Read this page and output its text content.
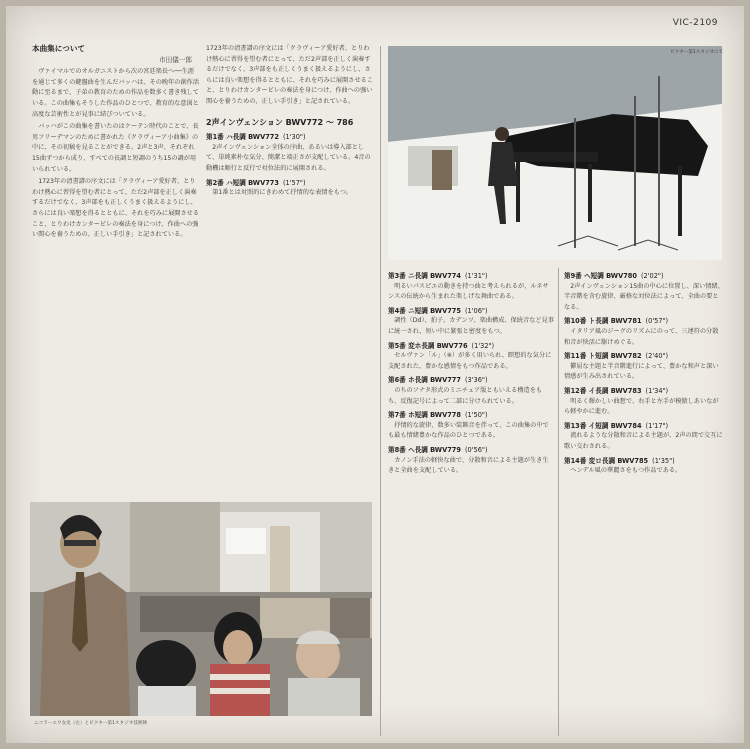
VIC-2109
本曲集について
市田儀一郎

ヴァイマルでのオルガニストから次の宮廷楽長へ──生涯を通じて多くの鍵盤曲を生んだバッハは、その晩年の創作活動に至るまで、子弟の教育のための作品を数多く書き残している。この曲集もそうした作品のひとつで、教育的な意図と高度な芸術性とが見事に結びついている。

バッハがこの曲集を書いたのはケーテン時代のことで、長男フリーデマンのために書かれた《クラヴィーア小曲集》の中に、その初稿を見ることができる。2声と3声、それぞれ15曲ずつから成り、すべての長調と短調のうち15の調が用いられている。

1723年の清書譜の序文には「クラヴィーア愛好者、とりわけ熱心に習得を望む者にとって、ただ2声部を正しく演奏するだけでなく、3声部をも正しくうまく扱えるようにし、さらには良い楽想を得るとともに、それを巧みに展開させること、とりわけカンタービレの奏法を身につけ、作曲への強い関心を養うための、正しい手引き」と記されている。

1723年の清書譜の序文には「クラヴィーア愛好者、とりわけ熱心に習得を望む者にとって、ただ2声部を正しく演奏するだけでなく、3声部をも正しくうまく扱えるようにし、さらには良い楽想を得るとともに、それを巧みに展開させること、とりわけカンタービレの奏法を身につけ、作曲への強い関心を養うための、正しい手引き」と記されている。

2声インヴェンション BWV772 ～ 786
第1番 ハ長調 BWV772 (1'30")

2声インヴェンション全体の序曲、あるいは導入部として、単純素朴な気分、簡潔と端正さが支配している。4音の動機は順行と反行で対位法的に展開される。

第2番 ハ短調 BWV773 (1'57")

第1番とは対照的にきわめて抒情的な表情をもつ。

ビクター第1スタジオにて
第3番 ニ長調 BWV774 (1'31")

明るいパスピエの動きを持つ曲と考えられるが、ルネサンスの伝統から生まれた楽しげな舞曲である。

第4番 ニ短調 BWV775 (1'06")

調性（Dd）、拍子、カデンツ、楽曲構成、保続音など見事に統一され、短い中に緊張と密度をもつ。

第5番 変ホ長調 BWV776 (1'32")

セルヴァン「ル」（※）が多く用いられ、瞑想的な気分に支配された、豊かな感情をもつ作品である。

第6番 ホ長調 BWV777 (3'36")

のちのソナタ形式のミニチュア版ともいえる構造をもち、反復記号によって二部に分けられている。

第7番 ホ短調 BWV778 (1'50")

抒情的な旋律、数多い装飾音を伴って、この曲集の中でも最も情緒豊かな作品のひとつである。

第8番 ヘ長調 BWV779 (0'56")

カノン手法の軽快な曲で、分散和音による主題が生き生きと全曲を支配している。

第9番 ヘ短調 BWV780 (2'02")

2声インヴェンション15曲の中心に位置し、深い情緒、半音階を含む旋律、厳格な対位法によって、全曲の要となる。

第10番 ト長調 BWV781 (0'57")

イタリア風のジーグのリズムにのって、三連符の分散和音が快活に駆けめぐる。

第11番 ト短調 BWV782 (2'40")

鬱屈な主題と半音階進行によって、豊かな和声と深い情感が生み出されている。

第12番 イ長調 BWV783 (1'34")

明るく輝かしい曲想で、右手と左手が模倣しあいながら軽やかに進む。

第13番 イ短調 BWV784 (1'17")

流れるような分散和音による主題が、2声の間で交互に歌い交わされる。

第14番 変ロ長調 BWV785 (1'35")

ヘンデル風の華麗さをもつ作品である。

ニコラーエワ女史（左）とビクター第1スタジオ技術陣
